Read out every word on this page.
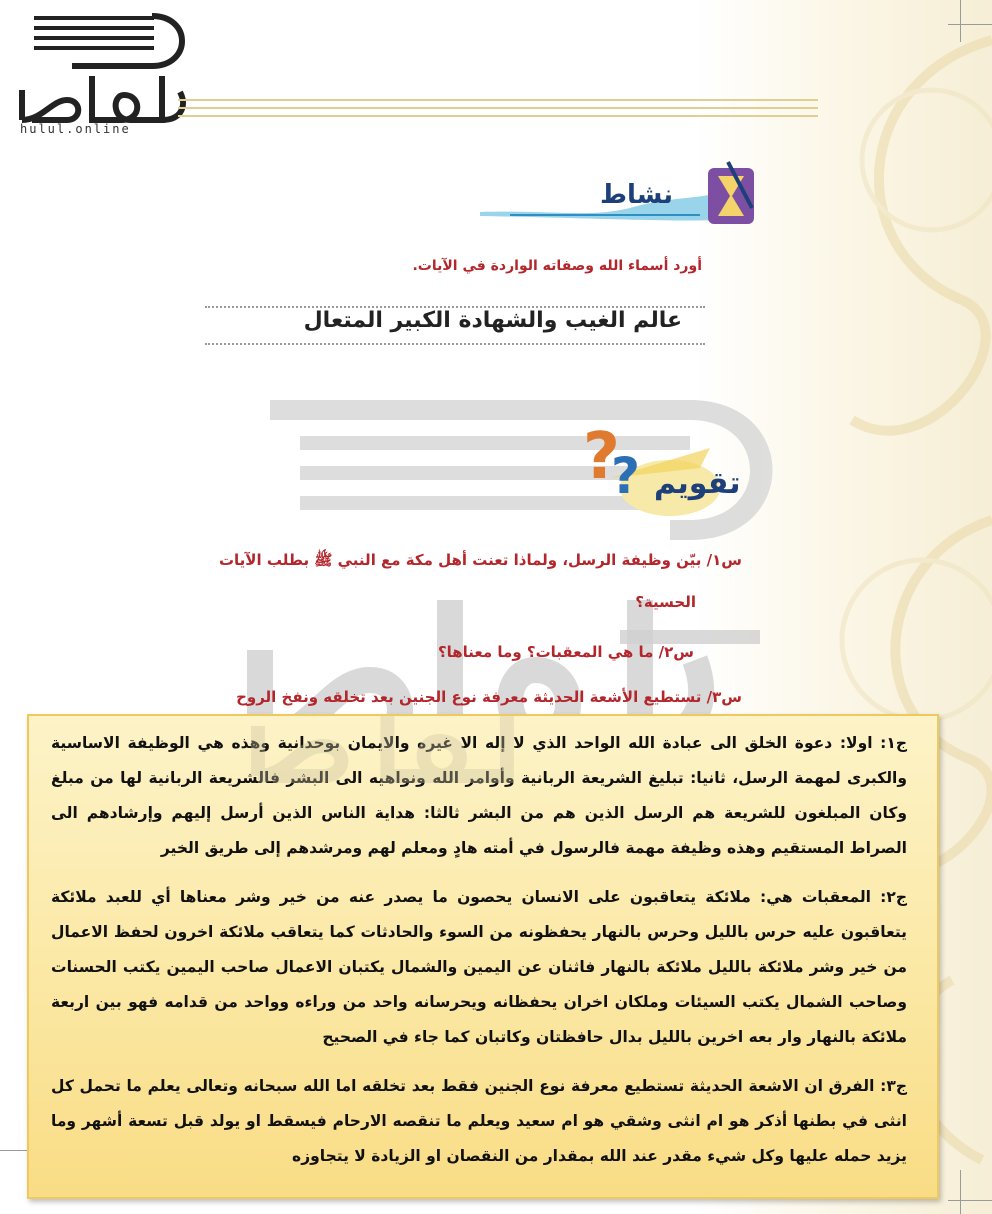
hulul.online
نشاط
أورد أسماء الله وصفاته الواردة في الآيات.
عالم الغيب والشهادة الكبير المتعال
?
? تقويم
س١/ بيّن وظيفة الرسل، ولماذا تعنت أهل مكة مع النبي ﷺ بطلب الآيات
الحسية؟
س٢/ ما هي المعقبات؟ وما معناها؟
س٣/ تستطيع الأشعة الحديثة معرفة نوع الجنين بعد تخلقه ونفخ الروح

ج١: اولا: دعوة الخلق الى عبادة الله الواحد الذي لا إله الا غيره والايمان بوحدانية وهذه هي الوظيفة الاساسية والكبرى لمهمة الرسل، ثانيا: تبليغ الشريعة الربانية وأوامر الله ونواهيه الى البشر فالشريعة الربانية لها من مبلغ وكان المبلغون للشريعة هم الرسل الذين هم من البشر ثالثا: هداية الناس الذين أرسل إليهم وإرشادهم الى الصراط المستقيم وهذه وظيفة مهمة فالرسول في أمته هادٍ ومعلم لهم ومرشدهم إلى طريق الخير

ج٢: المعقبات هي: ملائكة يتعاقبون على الانسان يحصون ما يصدر عنه من خير وشر معناها أي للعبد ملائكة يتعاقبون عليه حرس بالليل وحرس بالنهار يحفظونه من السوء والحادثات كما يتعاقب ملائكة اخرون لحفظ الاعمال من خير وشر ملائكة بالليل ملائكة بالنهار فاثنان عن اليمين والشمال يكتبان الاعمال صاحب اليمين يكتب الحسنات وصاحب الشمال يكتب السيئات وملكان اخران يحفظانه ويحرسانه واحد من وراءه وواحد من قدامه فهو بين اربعة ملائكة بالنهار وار بعه اخرين بالليل بدال حافظتان وكاتبان كما جاء في الصحيح

ج٣: الفرق ان الاشعة الحديثة تستطيع معرفة نوع الجنين فقط بعد تخلقه اما الله سبحانه وتعالى يعلم ما تحمل كل انثى في بطنها أذكر هو ام انثى وشقي هو ام سعيد ويعلم ما تنقصه الارحام فيسقط او يولد قبل تسعة أشهر وما يزيد حمله عليها وكل شيء مقدر عند الله بمقدار من النقصان او الزيادة لا يتجاوزه
